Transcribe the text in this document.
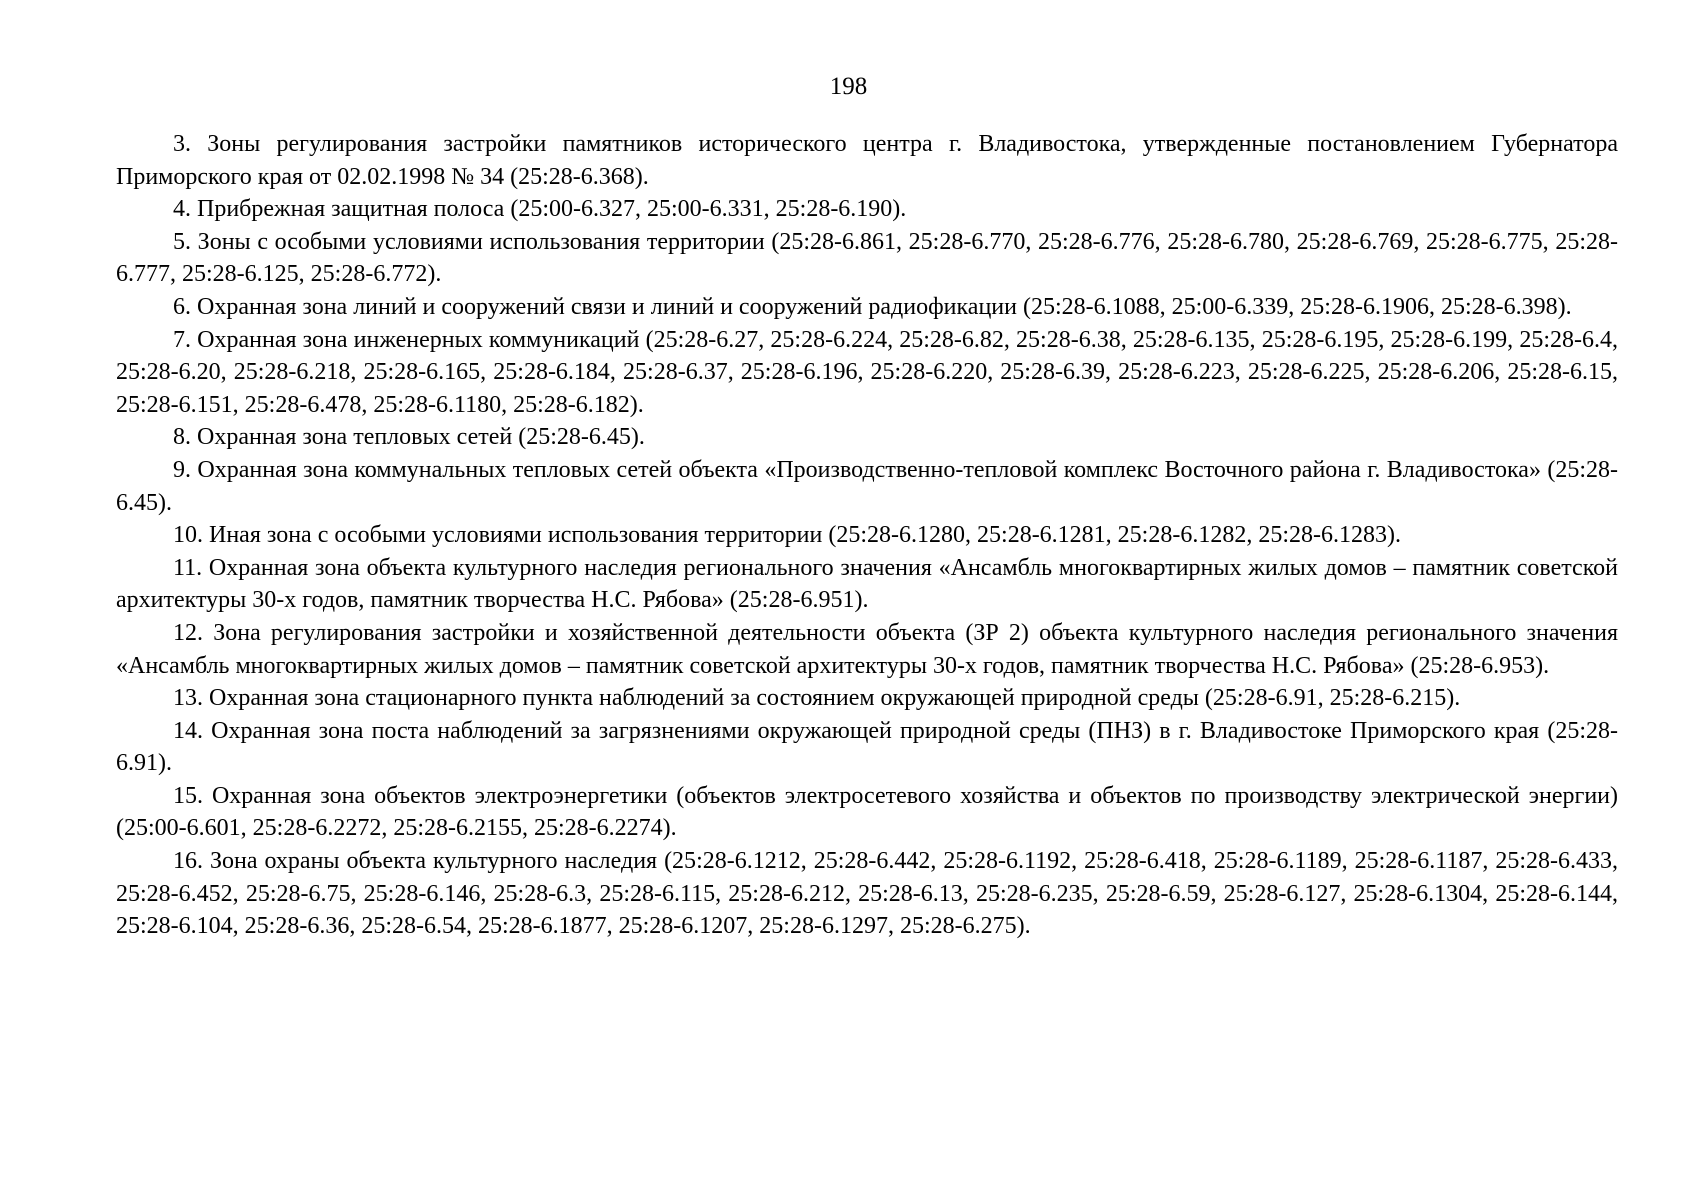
198

3. Зоны регулирования застройки памятников исторического центра г. Владивостока, утвержденные постановлением Губернатора Приморского края от 02.02.1998 № 34 (25:28-6.368).

4. Прибрежная защитная полоса (25:00-6.327, 25:00-6.331, 25:28-6.190).

5. Зоны с особыми условиями использования территории (25:28-6.861, 25:28-6.770, 25:28-6.776, 25:28-6.780, 25:28-6.769, 25:28-6.775, 25:28-6.777, 25:28-6.125, 25:28-6.772).

6. Охранная зона линий и сооружений связи и линий и сооружений радиофикации (25:28-6.1088, 25:00-6.339, 25:28-6.1906, 25:28-6.398).

7. Охранная зона инженерных коммуникаций (25:28-6.27, 25:28-6.224, 25:28-6.82, 25:28-6.38, 25:28-6.135, 25:28-6.195, 25:28-6.199, 25:28-6.4, 25:28-6.20, 25:28-6.218, 25:28-6.165, 25:28-6.184, 25:28-6.37, 25:28-6.196, 25:28-6.220, 25:28-6.39, 25:28-6.223, 25:28-6.225, 25:28-6.206, 25:28-6.15, 25:28-6.151, 25:28-6.478, 25:28-6.1180, 25:28-6.182).

8. Охранная зона тепловых сетей (25:28-6.45).

9. Охранная зона коммунальных тепловых сетей объекта «Производственно-тепловой комплекс Восточного района г. Владивостока» (25:28-6.45).

10. Иная зона с особыми условиями использования территории (25:28-6.1280, 25:28-6.1281, 25:28-6.1282, 25:28-6.1283).

11. Охранная зона объекта культурного наследия регионального значения «Ансамбль многоквартирных жилых домов – памятник советской архитектуры 30-х годов, памятник творчества Н.С. Рябова» (25:28-6.951).

12. Зона регулирования застройки и хозяйственной деятельности объекта (ЗР 2) объекта культурного наследия регионального значения «Ансамбль многоквартирных жилых домов – памятник советской архитектуры 30-х годов, памятник творчества Н.С. Рябова» (25:28-6.953).

13. Охранная зона стационарного пункта наблюдений за состоянием окружающей природной среды (25:28-6.91, 25:28-6.215).

14. Охранная зона поста наблюдений за загрязнениями окружающей природной среды (ПНЗ) в г. Владивостоке Приморского края (25:28-6.91).

15. Охранная зона объектов электроэнергетики (объектов электросетевого хозяйства и объектов по производству электрической энергии) (25:00-6.601, 25:28-6.2272, 25:28-6.2155, 25:28-6.2274).

16. Зона охраны объекта культурного наследия (25:28-6.1212, 25:28-6.442, 25:28-6.1192, 25:28-6.418, 25:28-6.1189, 25:28-6.1187, 25:28-6.433, 25:28-6.452, 25:28-6.75, 25:28-6.146, 25:28-6.3, 25:28-6.115, 25:28-6.212, 25:28-6.13, 25:28-6.235, 25:28-6.59, 25:28-6.127, 25:28-6.1304, 25:28-6.144, 25:28-6.104, 25:28-6.36, 25:28-6.54, 25:28-6.1877, 25:28-6.1207, 25:28-6.1297, 25:28-6.275).
